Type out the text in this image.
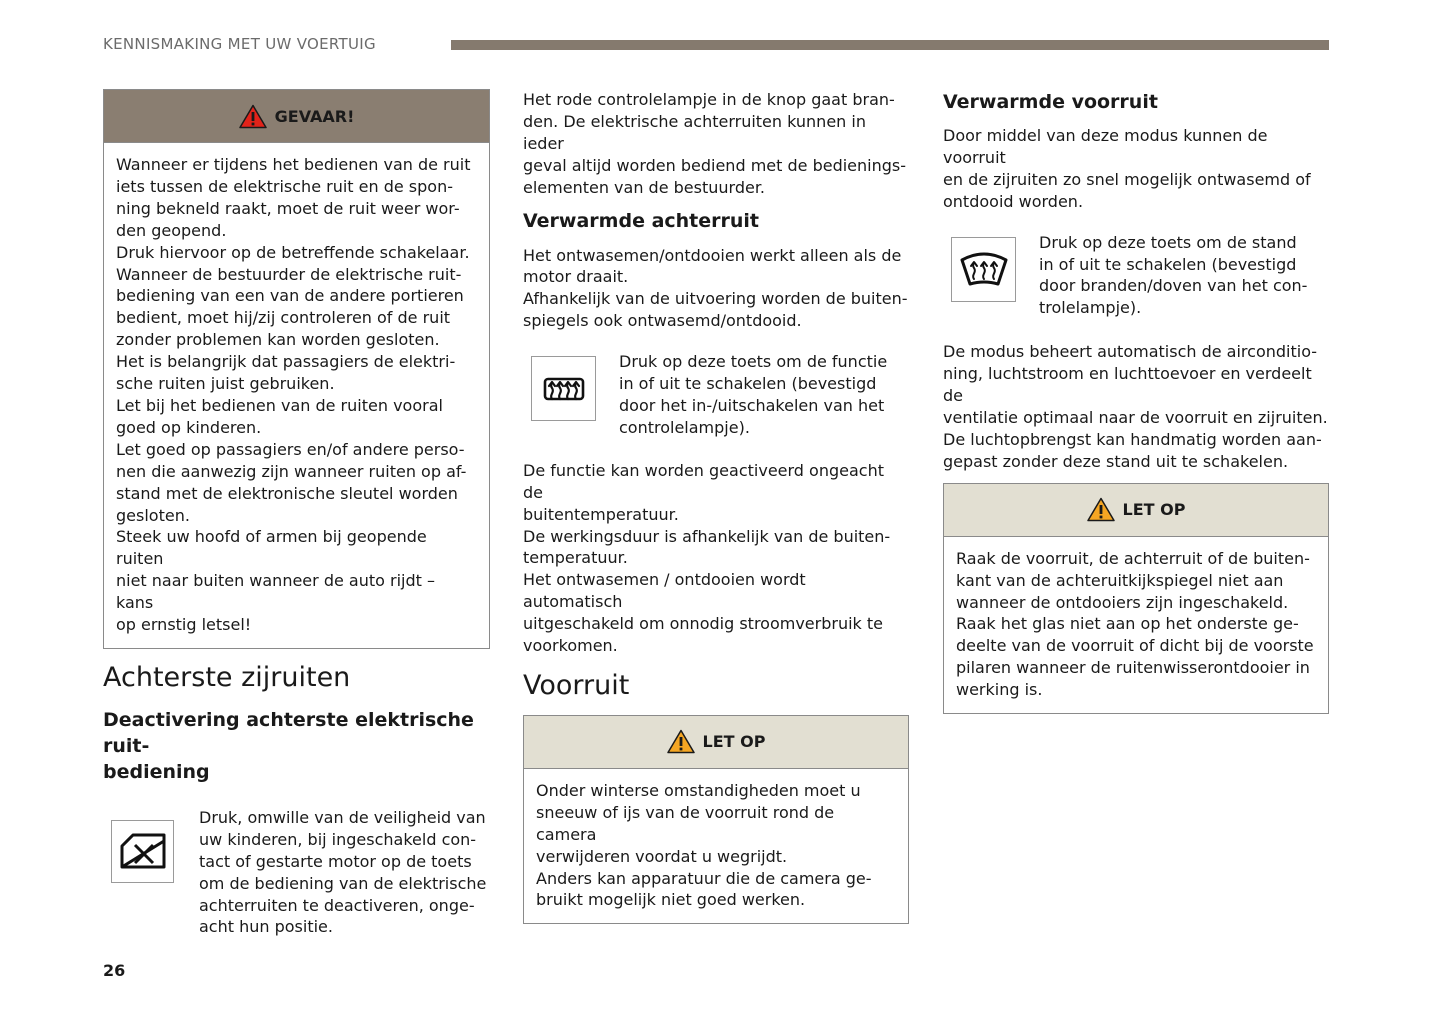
KENNISMAKING MET UW VOERTUIG
GEVAAR!

Wanneer er tijdens het bedienen van de ruit

iets tussen de elektrische ruit en de spon-

ning bekneld raakt, moet de ruit weer wor-

den geopend.

Druk hiervoor op de betreffende schakelaar.

Wanneer de bestuurder de elektrische ruit-

bediening van een van de andere portieren

bedient, moet hij/zij controleren of de ruit

zonder problemen kan worden gesloten.

Het is belangrijk dat passagiers de elektri-

sche ruiten juist gebruiken.

Let bij het bedienen van de ruiten vooral

goed op kinderen.

Let goed op passagiers en/of andere perso-

nen die aanwezig zijn wanneer ruiten op af-

stand met de elektronische sleutel worden

gesloten.

Steek uw hoofd of armen bij geopende ruiten

niet naar buiten wanneer de auto rijdt – kans

op ernstig letsel!

Achterste zijruiten

Deactivering achterste elektrische ruit-

bediening

Druk, omwille van de veiligheid van

uw kinderen, bij ingeschakeld con-

tact of gestarte motor op de toets

om de bediening van de elektrische

achterruiten te deactiveren, onge-

acht hun positie.

Het rode controlelampje in de knop gaat bran-

den. De elektrische achterruiten kunnen in ieder

geval altijd worden bediend met de bedienings-

elementen van de bestuurder.

Verwarmde achterruit

Het ontwasemen/ontdooien werkt alleen als de

motor draait.

Afhankelijk van de uitvoering worden de buiten-

spiegels ook ontwasemd/ontdooid.

Druk op deze toets om de functie

in of uit te schakelen (bevestigd

door het in-/uitschakelen van het

controlelampje).

De functie kan worden geactiveerd ongeacht de

buitentemperatuur.

De werkingsduur is afhankelijk van de buiten-

temperatuur.

Het ontwasemen / ontdooien wordt automatisch

uitgeschakeld om onnodig stroomverbruik te

voorkomen.

Voorruit
LET OP

Onder winterse omstandigheden moet u

sneeuw of ijs van de voorruit rond de camera

verwijderen voordat u wegrijdt.

Anders kan apparatuur die de camera ge-

bruikt mogelijk niet goed werken.

Verwarmde voorruit

Door middel van deze modus kunnen de voorruit

en de zijruiten zo snel mogelijk ontwasemd of

ontdooid worden.

Druk op deze toets om de stand

in of uit te schakelen (bevestigd

door branden/doven van het con-

trolelampje).

De modus beheert automatisch de airconditio-

ning, luchtstroom en luchttoevoer en verdeelt de

ventilatie optimaal naar de voorruit en zijruiten.

De luchtopbrengst kan handmatig worden aan-

gepast zonder deze stand uit te schakelen.

LET OP

Raak de voorruit, de achterruit of de buiten-

kant van de achteruitkijkspiegel niet aan

wanneer de ontdooiers zijn ingeschakeld.

Raak het glas niet aan op het onderste ge-

deelte van de voorruit of dicht bij de voorste

pilaren wanneer de ruitenwisserontdooier in

werking is.

26
